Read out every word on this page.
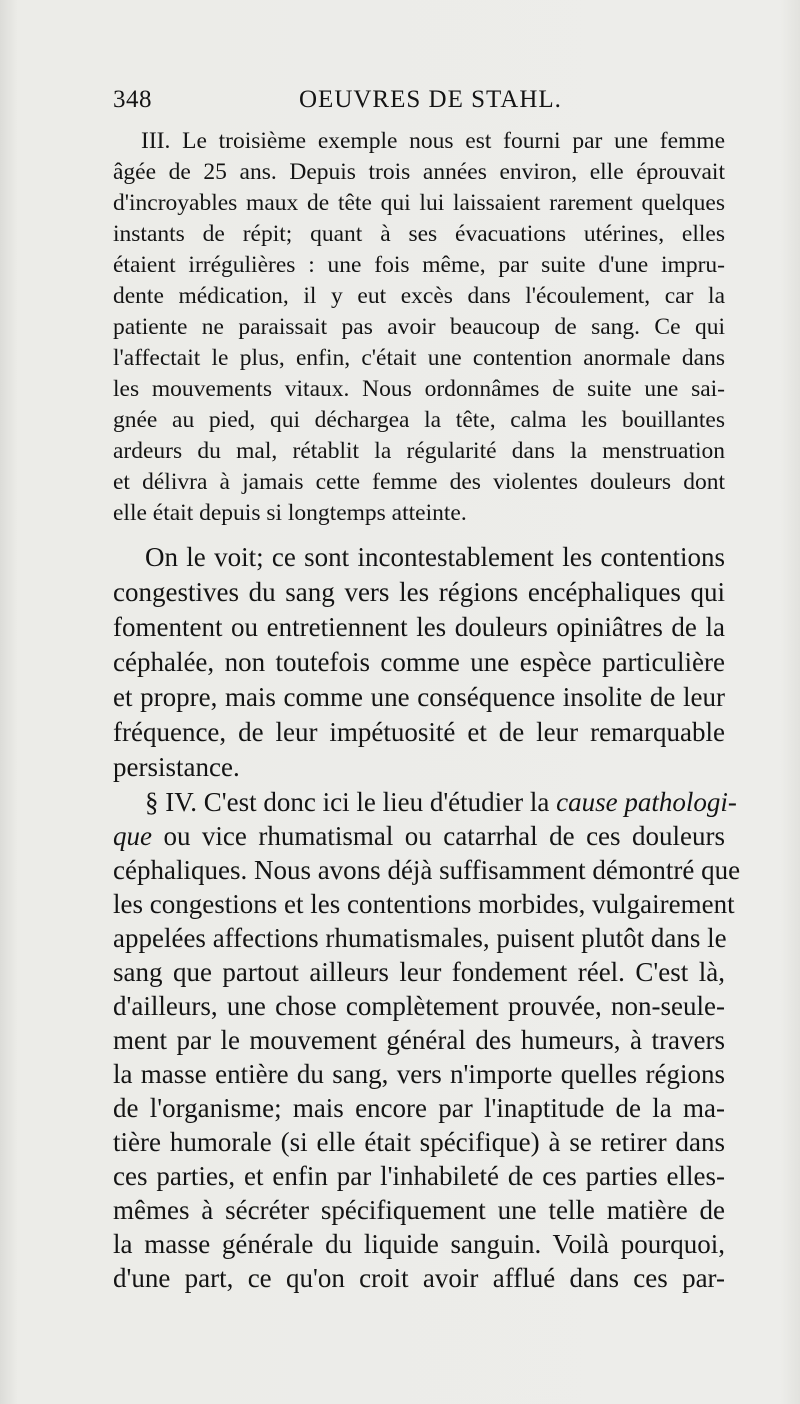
348	OEUVRES DE STAHL.
III. Le troisième exemple nous est fourni par une femme
âgée de 25 ans. Depuis trois années environ, elle éprouvait
d'incroyables maux de tête qui lui laissaient rarement quelques
instants de répit; quant à ses évacuations utérines, elles
étaient irrégulières : une fois même, par suite d'une impru-
dente médication, il y eut excès dans l'écoulement, car la
patiente ne paraissait pas avoir beaucoup de sang. Ce qui
l'affectait le plus, enfin, c'était une contention anormale dans
les mouvements vitaux. Nous ordonnâmes de suite une sai-
gnée au pied, qui déchargea la tête, calma les bouillantes
ardeurs du mal, rétablit la régularité dans la menstruation
et délivra à jamais cette femme des violentes douleurs dont
elle était depuis si longtemps atteinte.
On le voit; ce sont incontestablement les contentions
congestives du sang vers les régions encéphaliques qui
fomentent ou entretiennent les douleurs opiniâtres de la
céphalée, non toutefois comme une espèce particulière
et propre, mais comme une conséquence insolite de leur
fréquence, de leur impétuosité et de leur remarquable
persistance.
§ IV. C'est donc ici le lieu d'étudier la cause pathologi-
que ou vice rhumatismal ou catarrhal de ces douleurs
céphaliques. Nous avons déjà suffisamment démontré que
les congestions et les contentions morbides, vulgairement
appelées affections rhumatismales, puisent plutôt dans le
sang que partout ailleurs leur fondement réel. C'est là,
d'ailleurs, une chose complètement prouvée, non-seule-
ment par le mouvement général des humeurs, à travers
la masse entière du sang, vers n'importe quelles régions
de l'organisme; mais encore par l'inaptitude de la ma-
tière humorale (si elle était spécifique) à se retirer dans
ces parties, et enfin par l'inhabileté de ces parties elles-
mêmes à sécréter spécifiquement une telle matière de
la masse générale du liquide sanguin. Voilà pourquoi,
d'une part, ce qu'on croit avoir afflué dans ces par-
